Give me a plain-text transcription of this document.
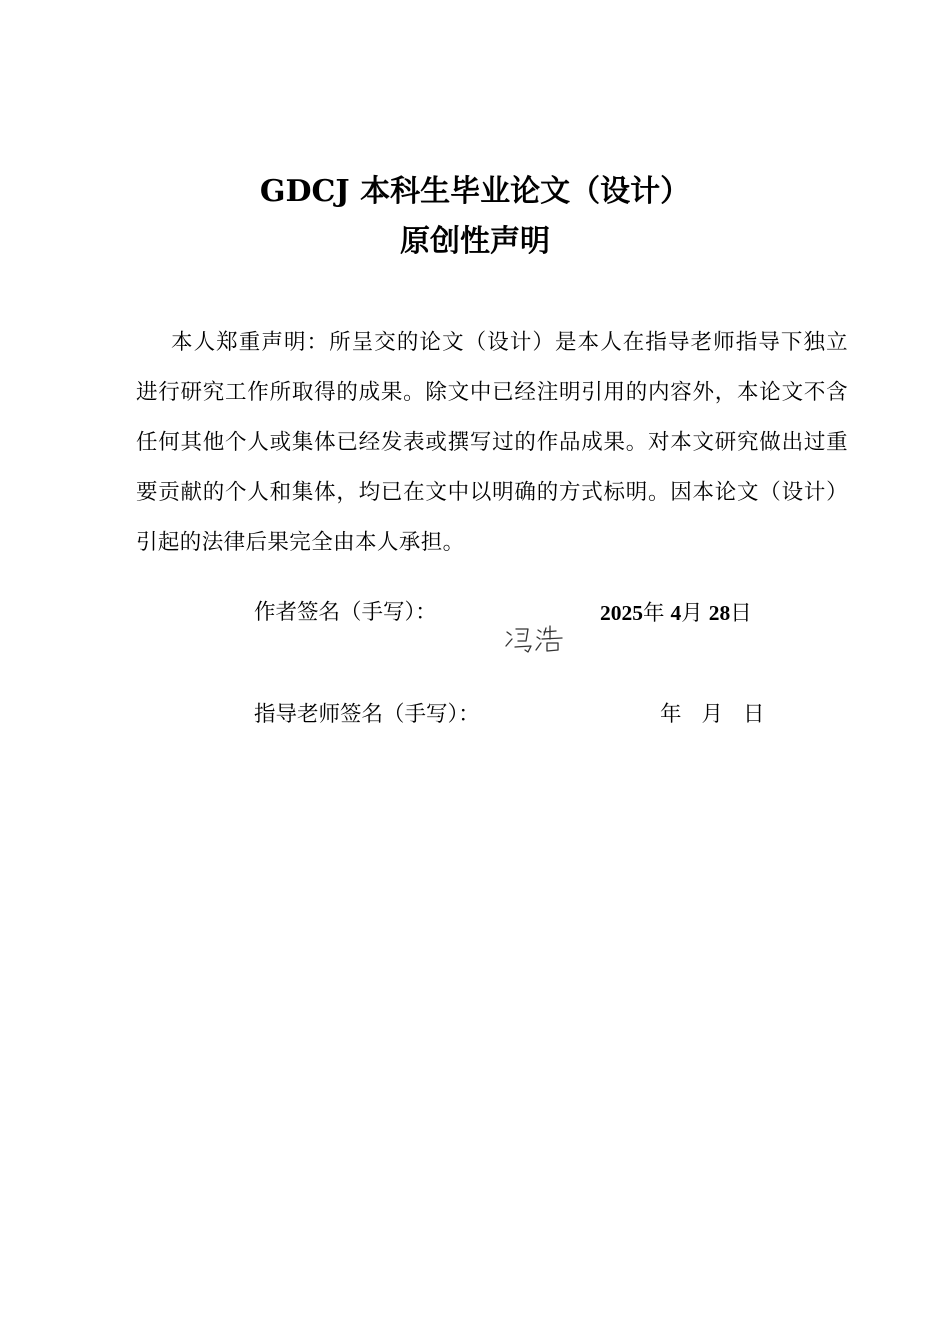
GDCJ 本科生毕业论文（设计）
原创性声明

本人郑重声明：所呈交的论文（设计）是本人在指导老师指导下独立进行研究工作所取得的成果。除文中已经注明引用的内容外，本论文不含任何其他个人或集体已经发表或撰写过的作品成果。对本文研究做出过重要贡献的个人和集体，均已在文中以明确的方式标明。因本论文（设计）引起的法律后果完全由本人承担。

作者签名（手写）：	2025年 4月 28日
指导老师签名（手写）：	年 月 日
